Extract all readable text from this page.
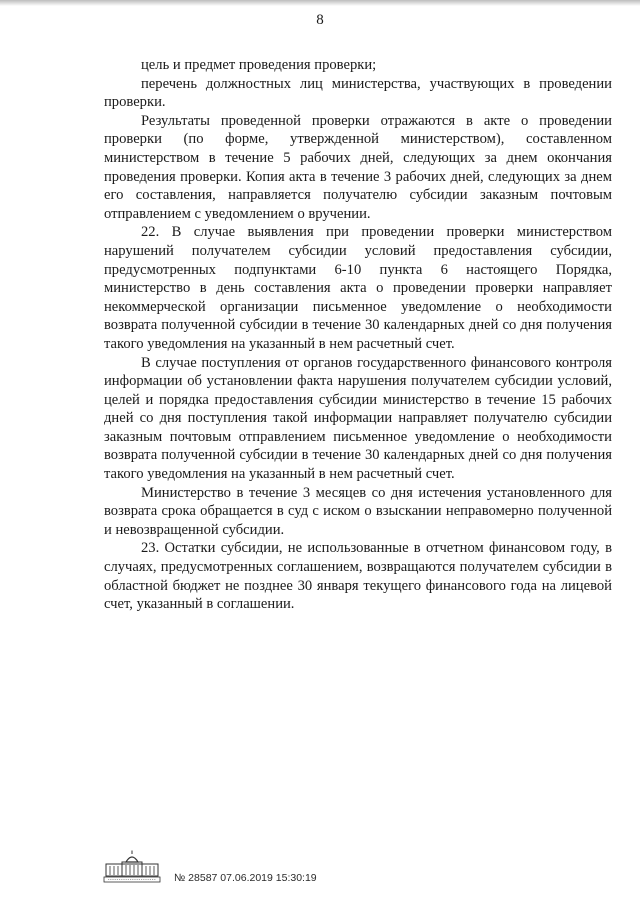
8

цель и предмет проведения проверки;

перечень должностных лиц министерства, участвующих в проведении проверки.

Результаты проведенной проверки отражаются в акте о проведении проверки (по форме, утвержденной министерством), составленном министерством в течение 5 рабочих дней, следующих за днем окончания проведения проверки. Копия акта в течение 3 рабочих дней, следующих за днем его составления, направляется получателю субсидии заказным почтовым отправлением с уведомлением о вручении.

22. В случае выявления при проведении проверки министерством нарушений получателем субсидии условий предоставления субсидии, предусмотренных подпунктами 6-10 пункта 6 настоящего Порядка, министерство в день составления акта о проведении проверки направляет некоммерческой организации письменное уведомление о необходимости возврата полученной субсидии в течение 30 календарных дней со дня получения такого уведомления на указанный в нем расчетный счет.

В случае поступления от органов государственного финансового контроля информации об установлении факта нарушения получателем субсидии условий, целей и порядка предоставления субсидии министерство в течение 15 рабочих дней со дня поступления такой информации направляет получателю субсидии заказным почтовым отправлением письменное уведомление о необходимости возврата полученной субсидии в течение 30 календарных дней со дня получения такого уведомления на указанный в нем расчетный счет.

Министерство в течение 3 месяцев со дня истечения установленного для возврата срока обращается в суд с иском о взыскании неправомерно полученной и невозвращенной субсидии.

23. Остатки субсидии, не использованные в отчетном финансовом году, в случаях, предусмотренных соглашением, возвращаются получателем субсидии в областной бюджет не позднее 30 января текущего финансового года на лицевой счет, указанный в соглашении.

№ 28587 07.06.2019 15:30:19
